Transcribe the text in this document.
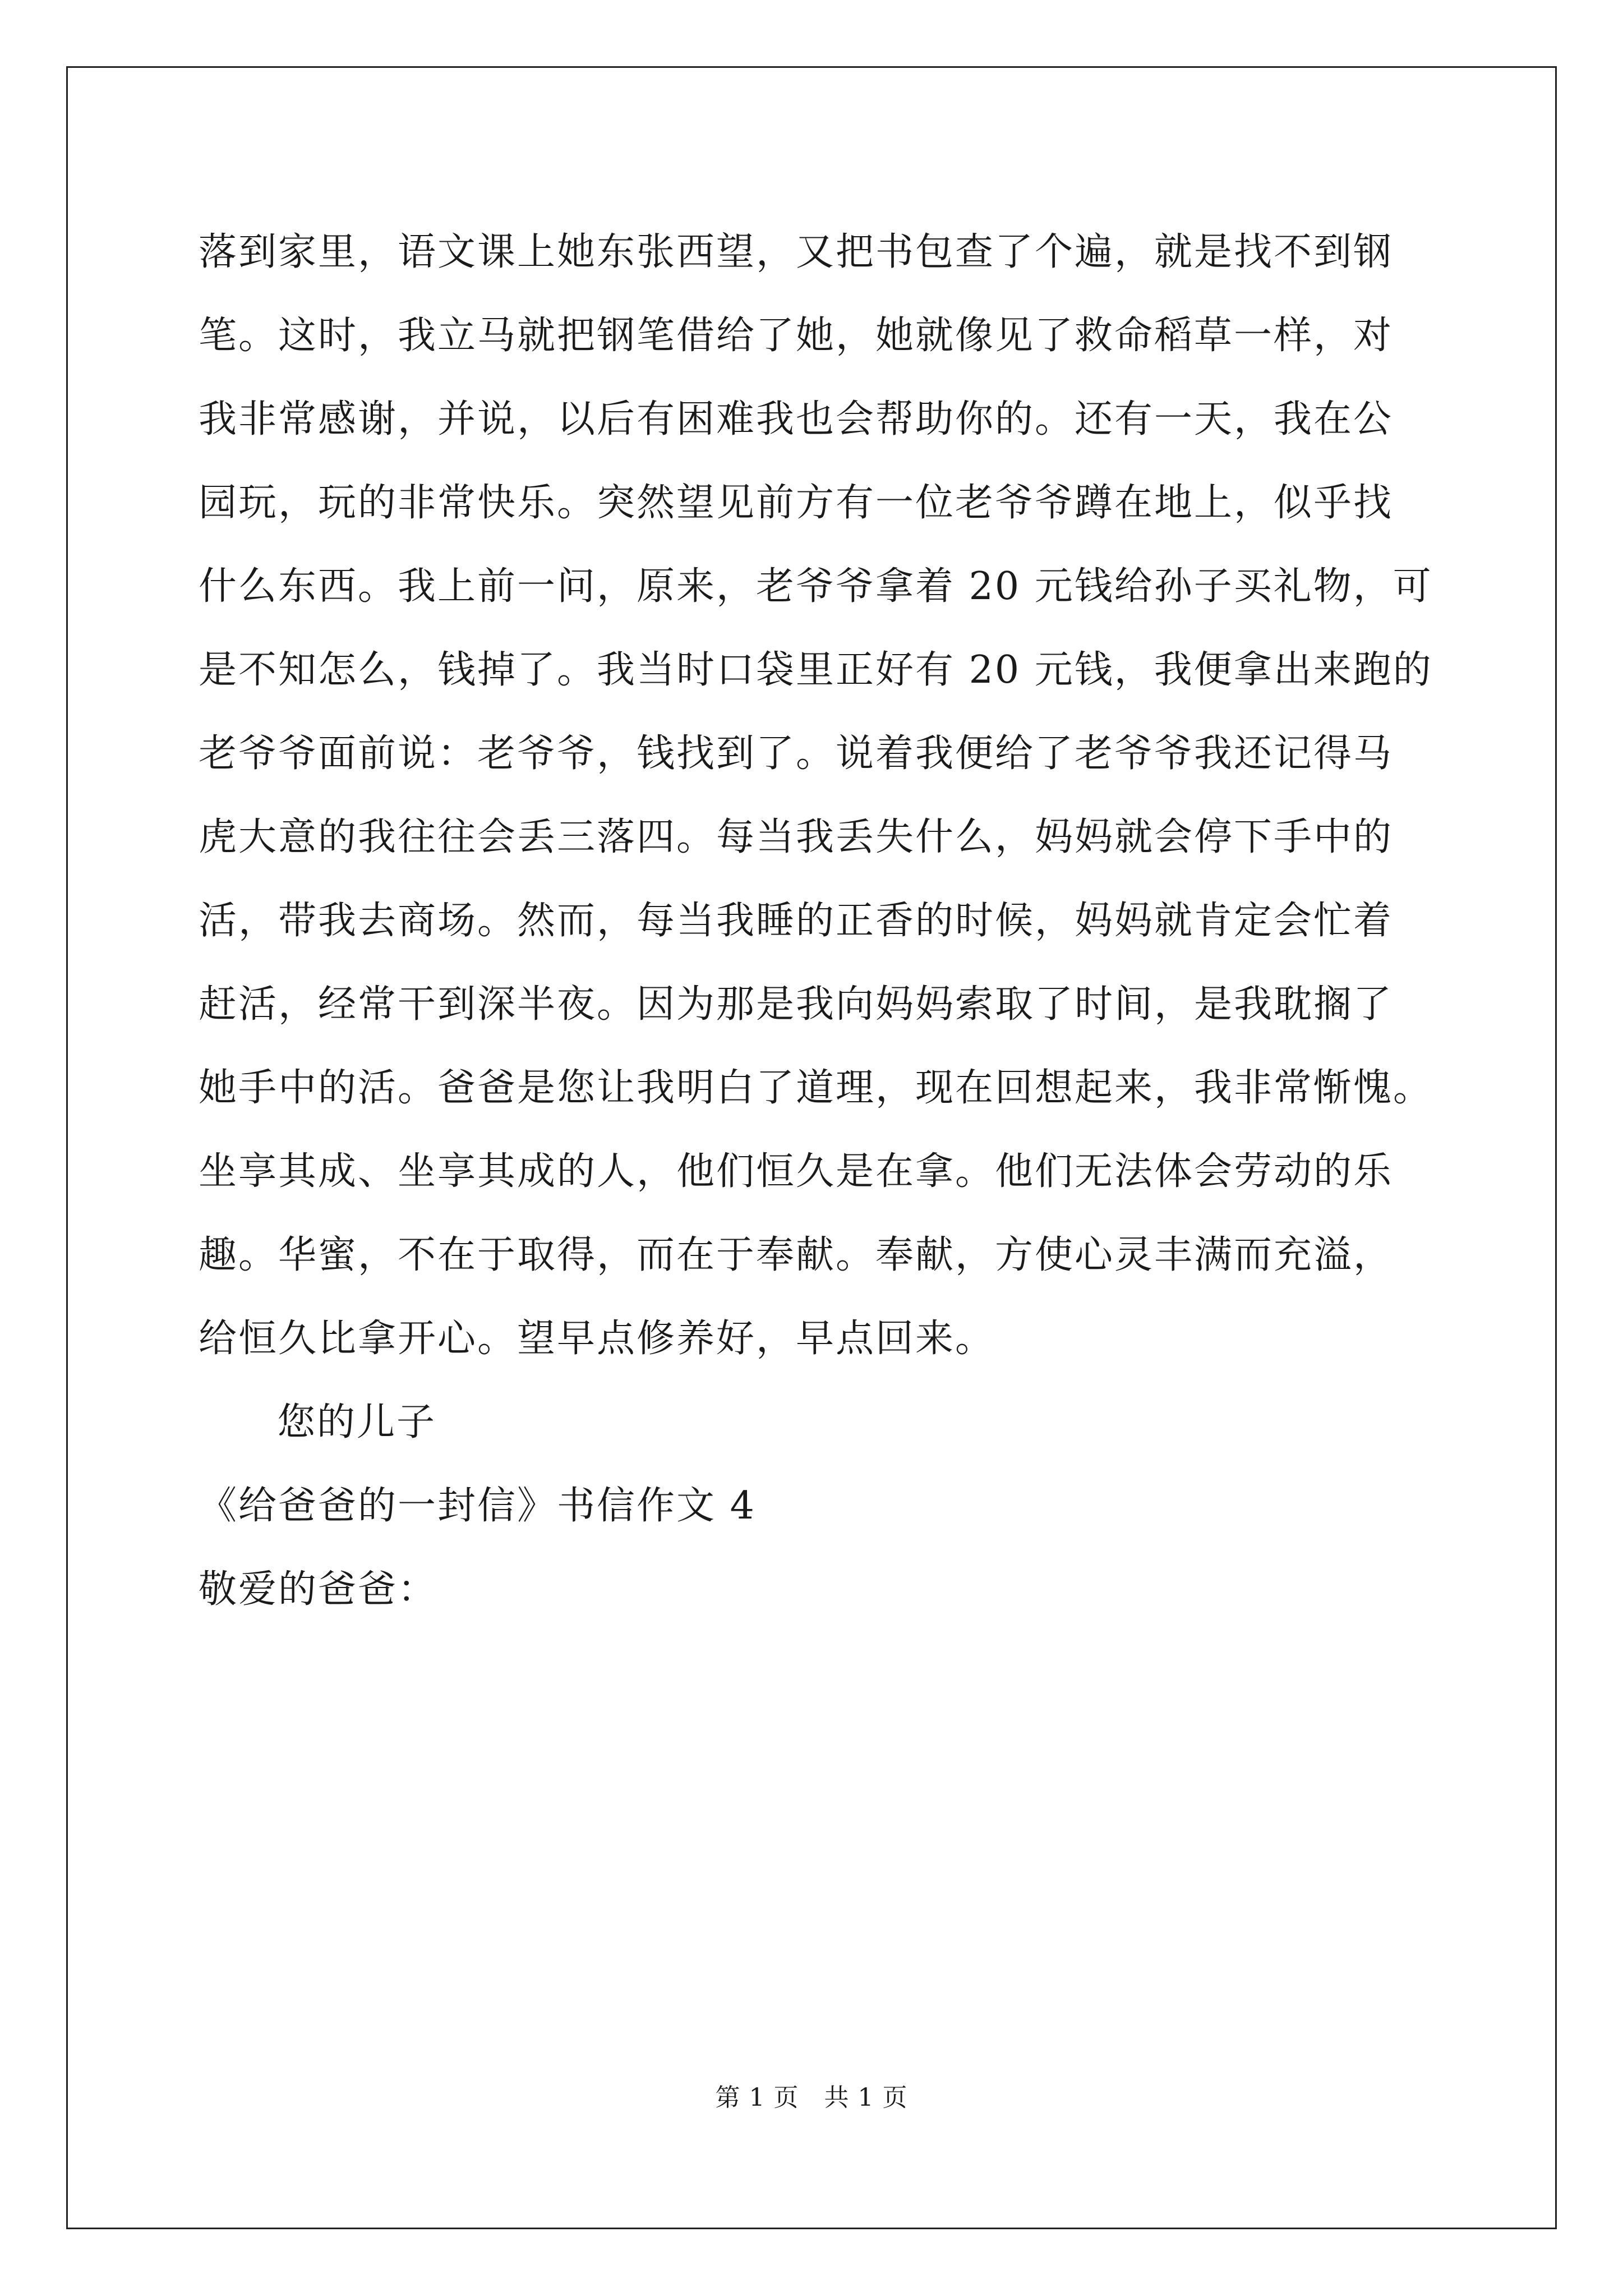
落到家里，语文课上她东张西望，又把书包查了个遍，就是找不到钢
笔。这时，我立马就把钢笔借给了她，她就像见了救命稻草一样，对
我非常感谢，并说，以后有困难我也会帮助你的。还有一天，我在公
园玩，玩的非常快乐。突然望见前方有一位老爷爷蹲在地上，似乎找
什么东西。我上前一问，原来，老爷爷拿着 20 元钱给孙子买礼物，可
是不知怎么，钱掉了。我当时口袋里正好有 20 元钱，我便拿出来跑的
老爷爷面前说：老爷爷，钱找到了。说着我便给了老爷爷我还记得马
虎大意的我往往会丢三落四。每当我丢失什么，妈妈就会停下手中的
活，带我去商场。然而，每当我睡的正香的时候，妈妈就肯定会忙着
赶活，经常干到深半夜。因为那是我向妈妈索取了时间，是我耽搁了
她手中的活。爸爸是您让我明白了道理，现在回想起来，我非常惭愧。
坐享其成、坐享其成的人，他们恒久是在拿。他们无法体会劳动的乐
趣。华蜜，不在于取得，而在于奉献。奉献，方使心灵丰满而充溢，
给恒久比拿开心。望早点修养好，早点回来。
您的儿子
《给爸爸的一封信》书信作文 4
敬爱的爸爸：
第 1 页　共 1 页
